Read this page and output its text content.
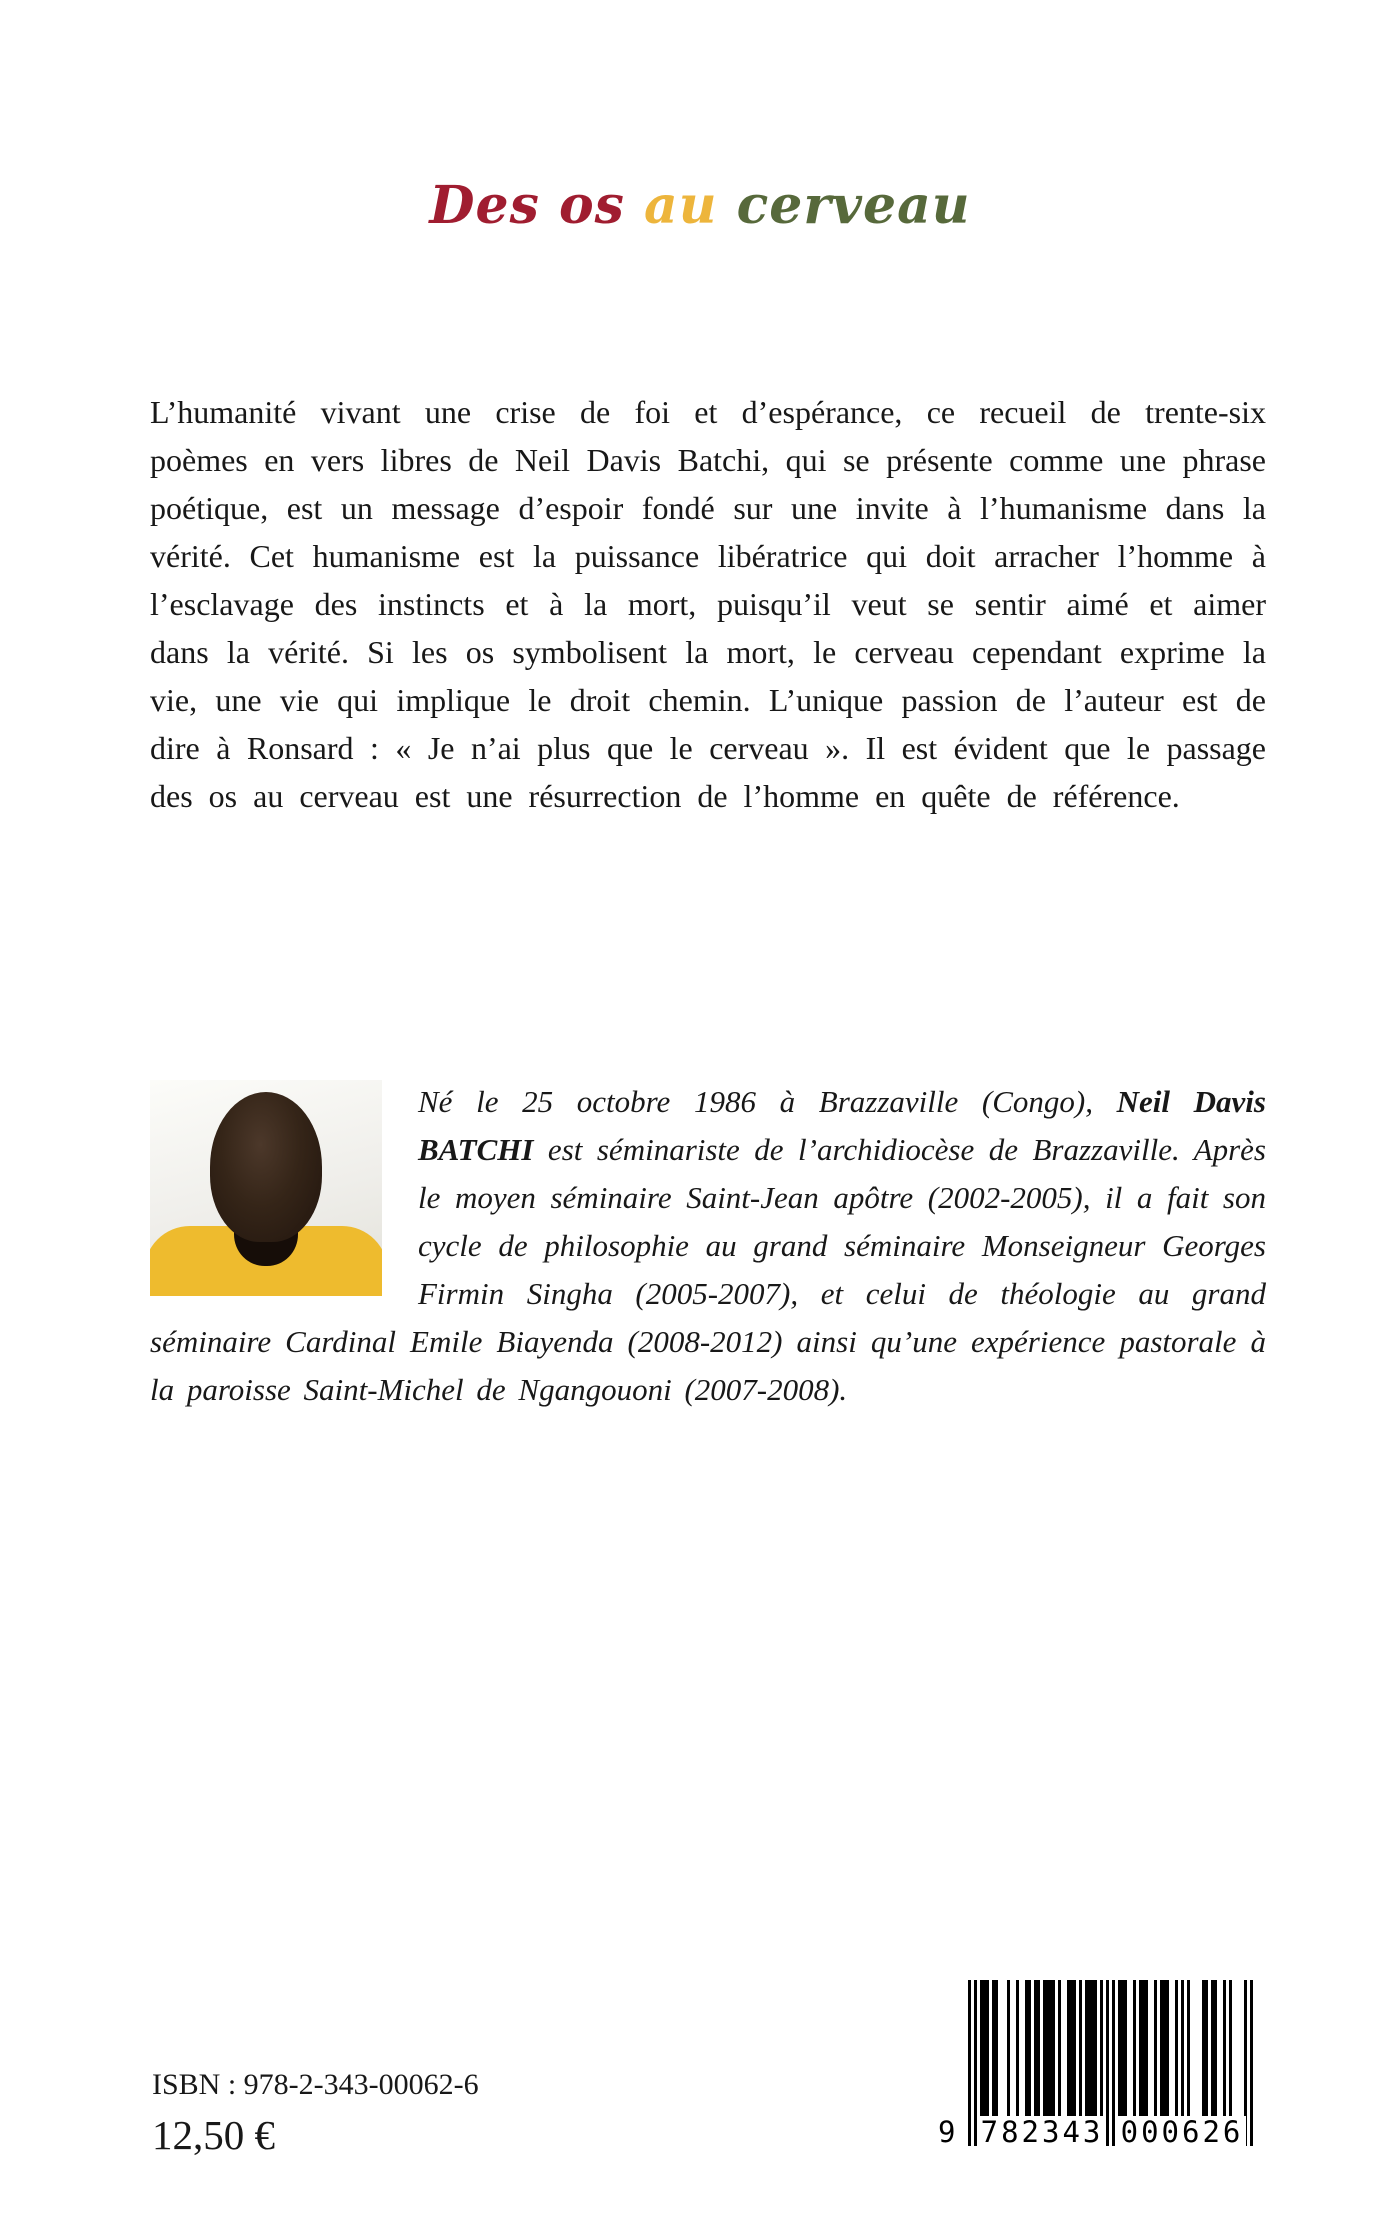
Des os au cerveau

L’humanité vivant une crise de foi et d’espérance, ce recueil de trente-six poèmes en vers libres de Neil Davis Batchi, qui se présente comme une phrase poétique, est un message d’espoir fondé sur une invite à l’humanisme dans la vérité. Cet humanisme est la puissance libératrice qui doit arracher l’homme à l’esclavage des instincts et à la mort, puisqu’il veut se sentir aimé et aimer dans la vérité. Si les os symbolisent la mort, le cerveau cependant exprime la vie, une vie qui implique le droit chemin. L’unique passion de l’auteur est de dire à Ronsard : « Je n’ai plus que le cerveau ». Il est évident que le passage des os au cerveau est une résurrection de l’homme en quête de référence.

Né le 25 octobre 1986 à Brazzaville (Congo), Neil Davis BATCHI est séminariste de l’archidiocèse de Brazzaville. Après le moyen séminaire Saint-Jean apôtre (2002-2005), il a fait son cycle de philosophie au grand séminaire Monseigneur Georges Firmin Singha (2005-2007), et celui de théologie au grand séminaire Cardinal Emile Biayenda (2008-2012) ainsi qu’une expérience pastorale à la paroisse Saint-Michel de Ngangouoni (2007-2008).

9 782343 000626
ISBN : 978-2-343-00062-6
12,50 €
